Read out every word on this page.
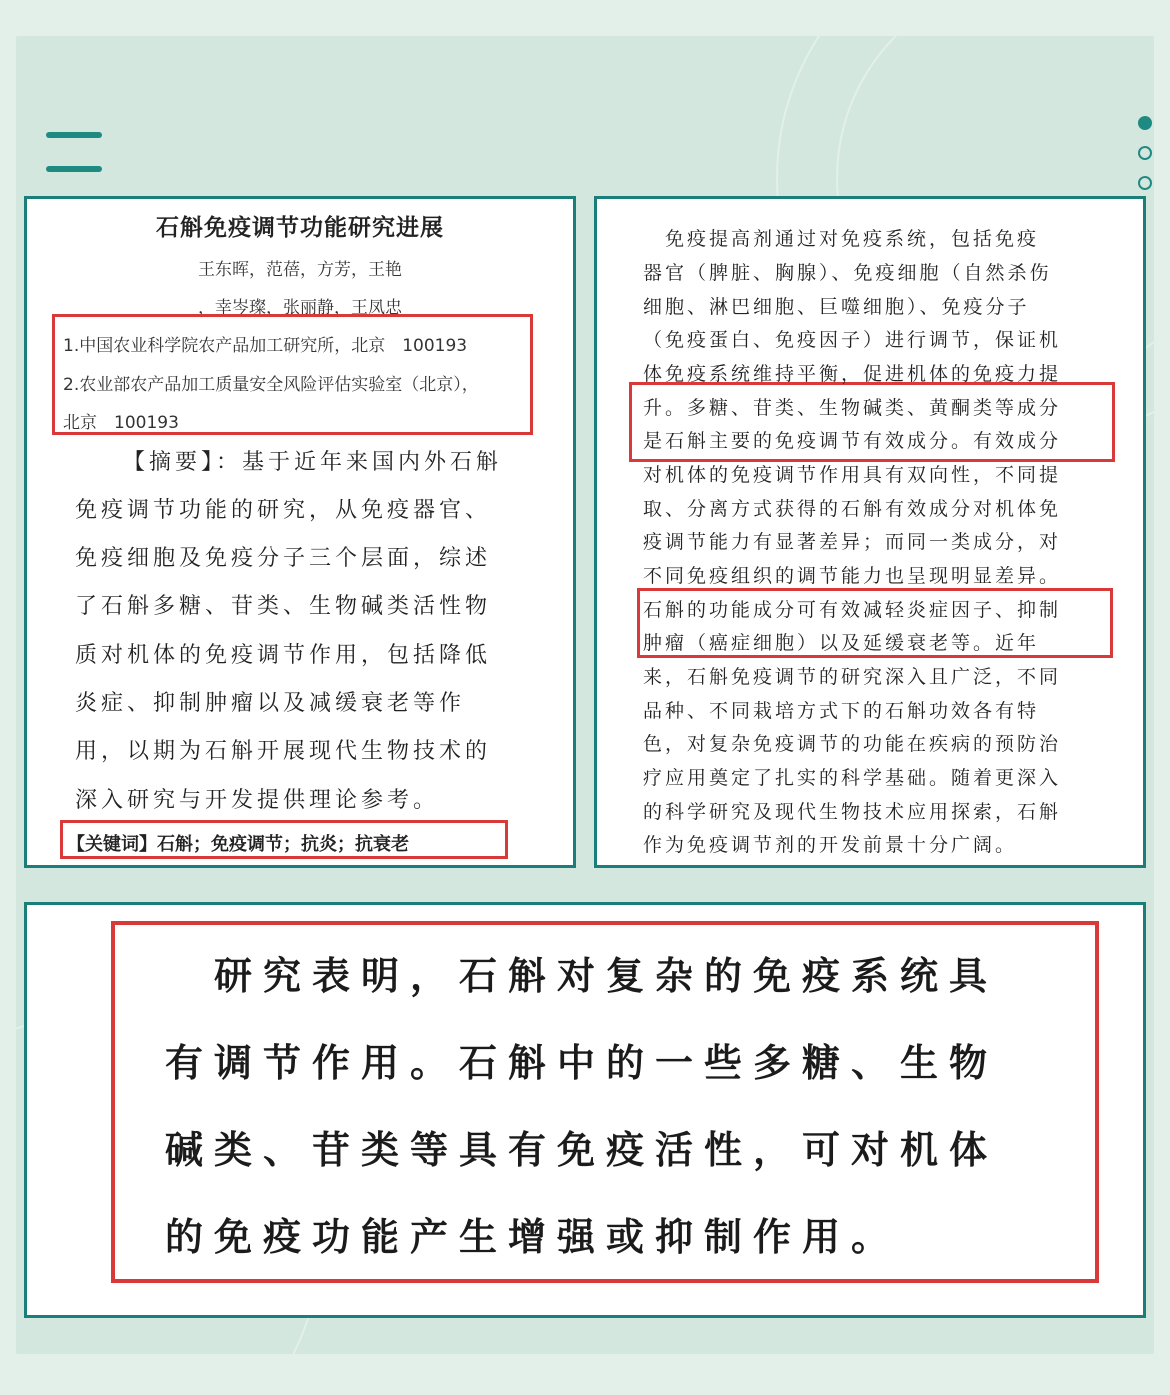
石斛免疫调节功能研究进展
王东晖，范蓓，方芳，王艳
，幸岑璨，张丽静，王凤忠
1.中国农业科学院农产品加工研究所，北京　100193
2.农业部农产品加工质量安全风险评估实验室（北京），
北京　100193
【摘要】：基于近年来国内外石斛
免疫调节功能的研究，从免疫器官、
免疫细胞及免疫分子三个层面，综述
了石斛多糖、苷类、生物碱类活性物
质对机体的免疫调节作用，包括降低
炎症、抑制肿瘤以及减缓衰老等作
用，以期为石斛开展现代生物技术的
深入研究与开发提供理论参考。
【关键词】石斛；免疫调节；抗炎；抗衰老
　免疫提高剂通过对免疫系统，包括免疫
器官（脾脏、胸腺）、免疫细胞（自然杀伤
细胞、淋巴细胞、巨噬细胞）、免疫分子
（免疫蛋白、免疫因子）进行调节，保证机
体免疫系统维持平衡，促进机体的免疫力提
升。多糖、苷类、生物碱类、黄酮类等成分
是石斛主要的免疫调节有效成分。有效成分
对机体的免疫调节作用具有双向性，不同提
取、分离方式获得的石斛有效成分对机体免
疫调节能力有显著差异；而同一类成分，对
不同免疫组织的调节能力也呈现明显差异。
石斛的功能成分可有效减轻炎症因子、抑制
肿瘤（癌症细胞）以及延缓衰老等。近年
来，石斛免疫调节的研究深入且广泛，不同
品种、不同栽培方式下的石斛功效各有特
色，对复杂免疫调节的功能在疾病的预防治
疗应用奠定了扎实的科学基础。随着更深入
的科学研究及现代生物技术应用探索，石斛
作为免疫调节剂的开发前景十分广阔。
　研究表明，石斛对复杂的免疫系统具
有调节作用。石斛中的一些多糖、生物
碱类、苷类等具有免疫活性，可对机体
的免疫功能产生增强或抑制作用。
